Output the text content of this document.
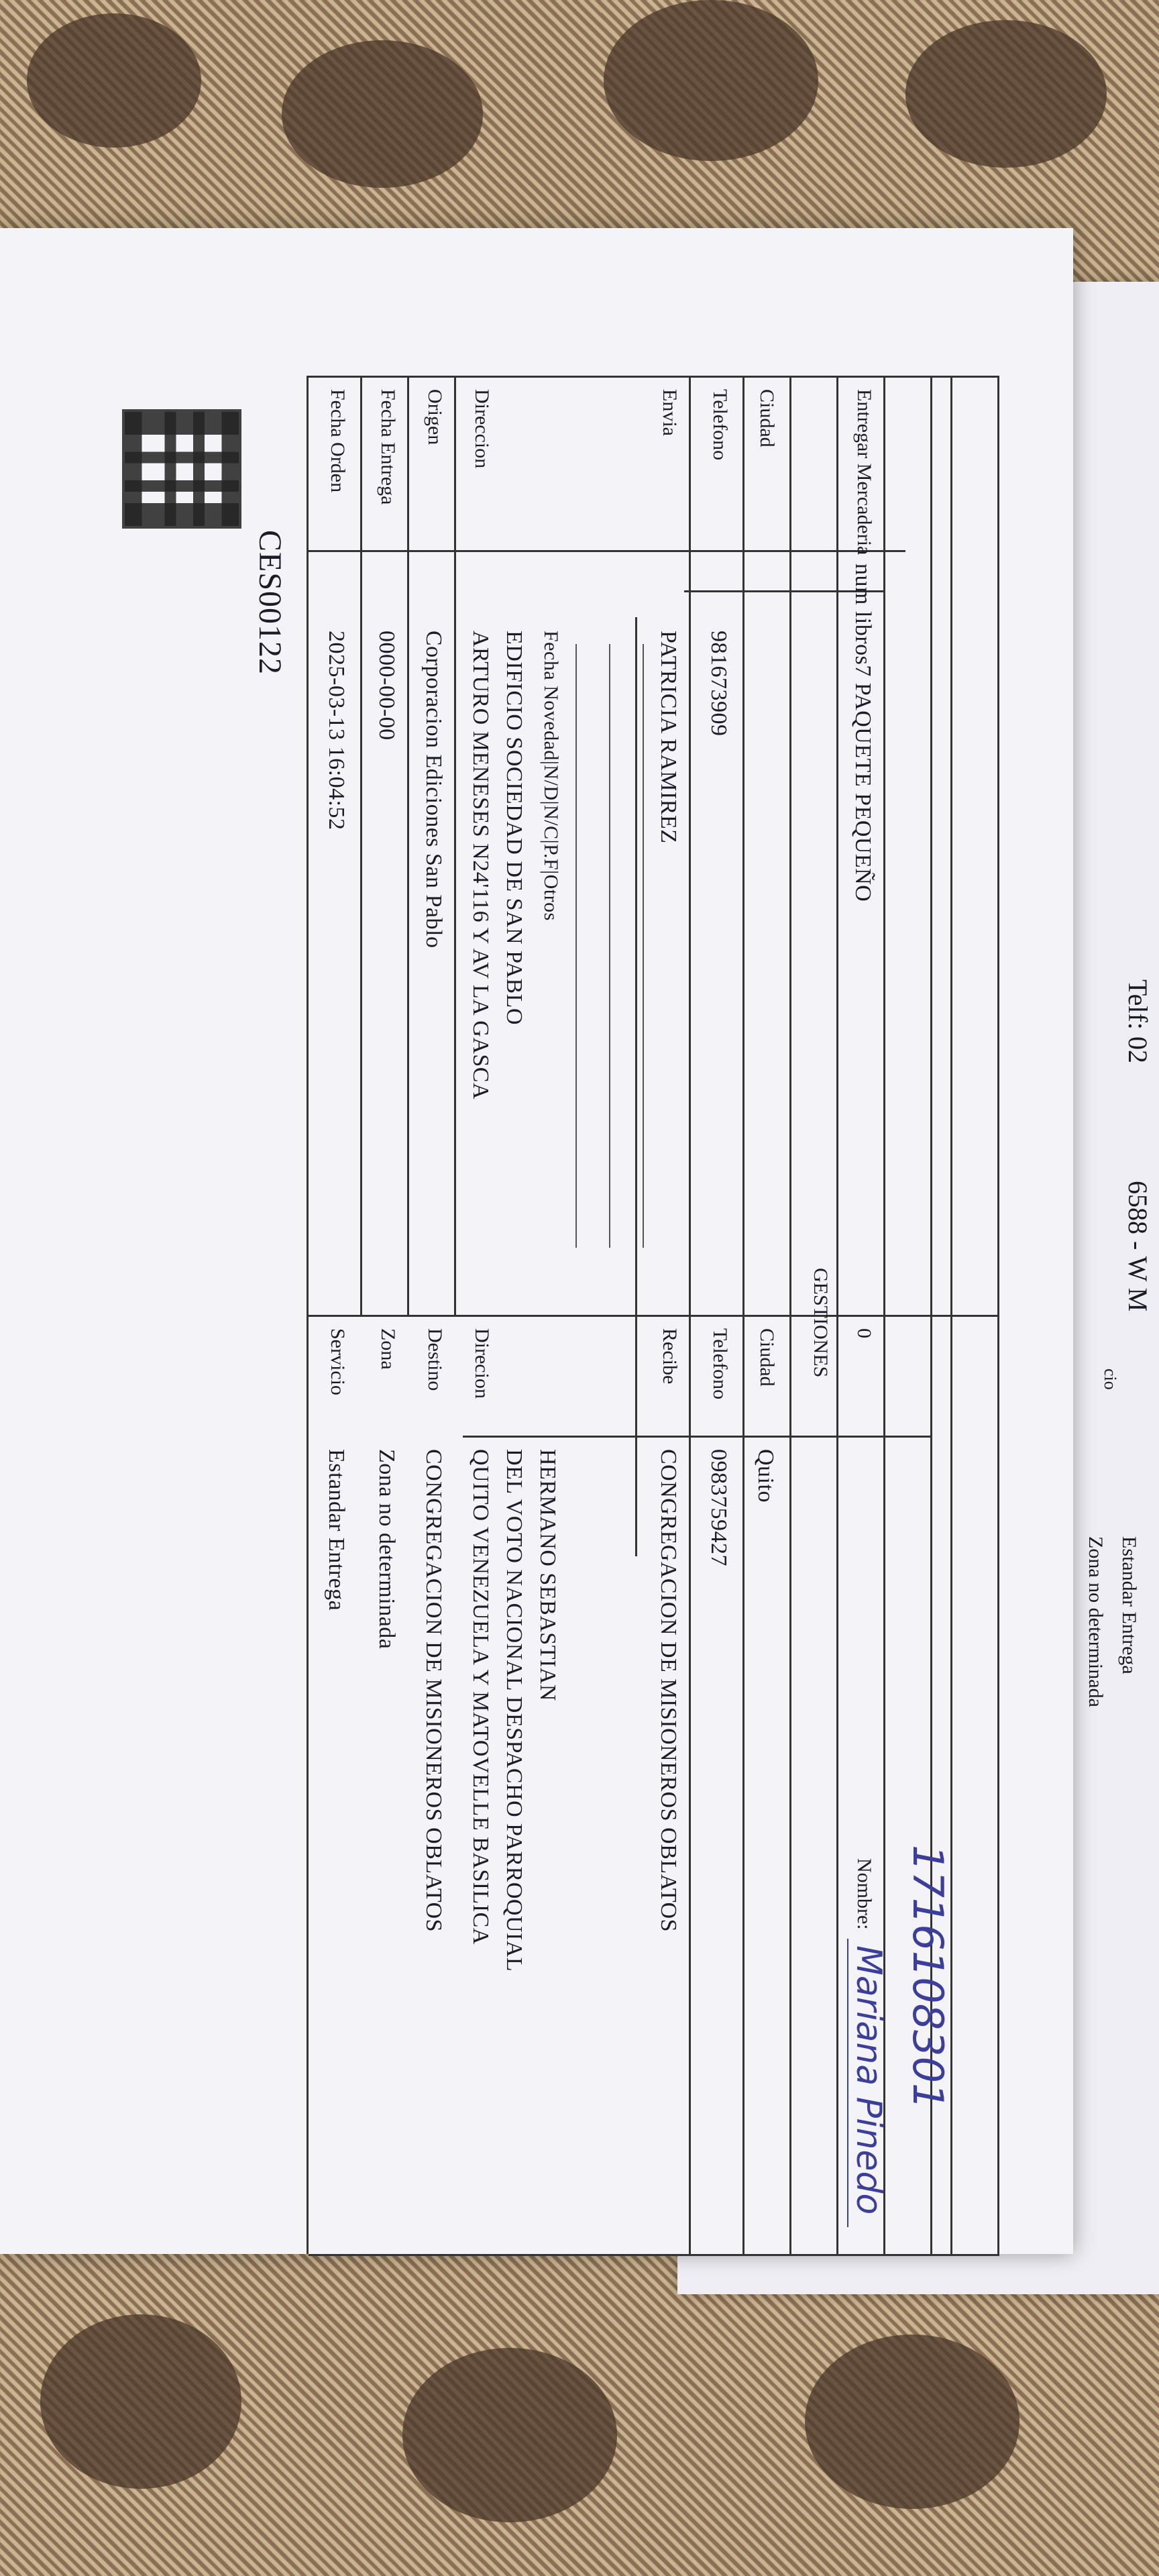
Telf: 02
6588 - W M
cio
Estandar Entrega
Zona no determinada
CES00122
Fecha Orden
2025-03-13 16:04:52
Fecha Entrega
0000-00-00
Origen
Corporacion Ediciones San Pablo
Direccion
ARTURO MENESES N24'116 Y AV LA GASCA EDIFICIO SOCIEDAD DE SAN PABLO Fecha Novedad|N/D|N/C|P.F|Otros
Envia
PATRICIA RAMIREZ
Telefono
981673909
Ciudad
GESTIONES
Entregar Mercaderia
num libros7 PAQUETE PEQUEÑO
0
Servicio
Estandar Entrega
Zona
Zona no determinada
Destino
CONGREGACION DE MISIONEROS OBLATOS
Direcion
QUITO VENEZUELA Y MATOVELLE BASILICA DEL VOTO NACIONAL DESPACHO PARROQUIAL HERMANO SEBASTIAN
Recibe
CONGREGACION DE MISIONEROS OBLATOS
Telefono
0983759427
Ciudad
Quito
Nombre:
Mariana Pinedo 1716108301
